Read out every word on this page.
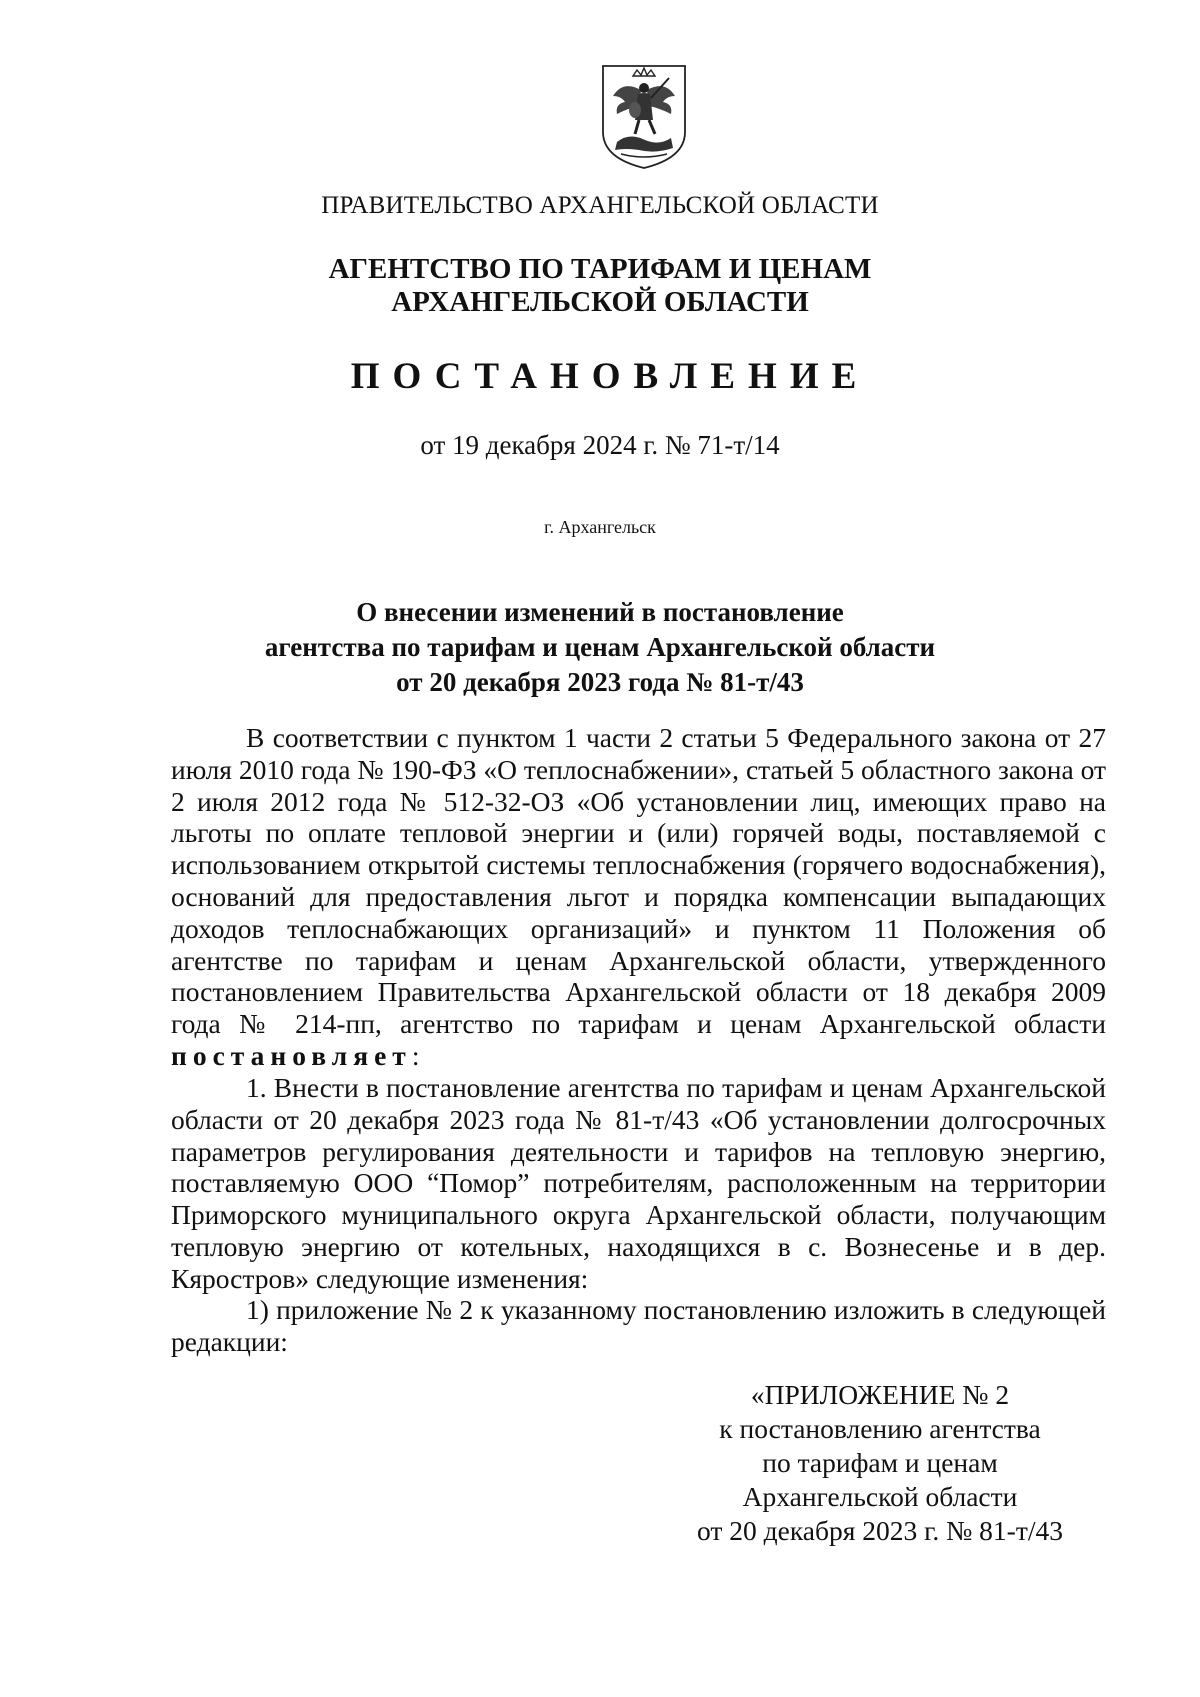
ПРАВИТЕЛЬСТВО АРХАНГЕЛЬСКОЙ ОБЛАСТИ
АГЕНТСТВО ПО ТАРИФАМ И ЦЕНАМ
АРХАНГЕЛЬСКОЙ ОБЛАСТИ
ПОСТАНОВЛЕНИЕ
от 19 декабря 2024 г. № 71-т/14
г. Архангельск
О внесении изменений в постановление
агентства по тарифам и ценам Архангельской области
от 20 декабря 2023 года № 81-т/43

В соответствии с пунктом 1 части 2 статьи 5 Федерального закона от 27 июля 2010 года № 190-ФЗ «О теплоснабжении», статьей 5 областного закона от 2 июля 2012 года № 512-32-ОЗ «Об установлении лиц, имеющих право на льготы по оплате тепловой энергии и (или) горячей воды, поставляемой с использованием открытой системы теплоснабжения (горячего водоснабжения), оснований для предоставления льгот и порядка компенсации выпадающих доходов теплоснабжающих организаций» и пунктом 11 Положения об агентстве по тарифам и ценам Архангельской области, утвержденного постановлением Правительства Архангельской области от 18 декабря 2009 года № 214-пп, агентство по тарифам и ценам Архангельской области постановляет:

1. Внести в постановление агентства по тарифам и ценам Архангельской области от 20 декабря 2023 года № 81-т/43 «Об установлении долгосрочных параметров регулирования деятельности и тарифов на тепловую энергию, поставляемую ООО “Помор” потребителям, расположенным на территории Приморского муниципального округа Архангельской области, получающим тепловую энергию от котельных, находящихся в с. Вознесенье и в дер. Кяростров» следующие изменения:

1) приложение № 2 к указанному постановлению изложить в следующей редакции:

«ПРИЛОЖЕНИЕ № 2
к постановлению агентства
по тарифам и ценам
Архангельской области
от 20 декабря 2023 г. № 81-т/43
